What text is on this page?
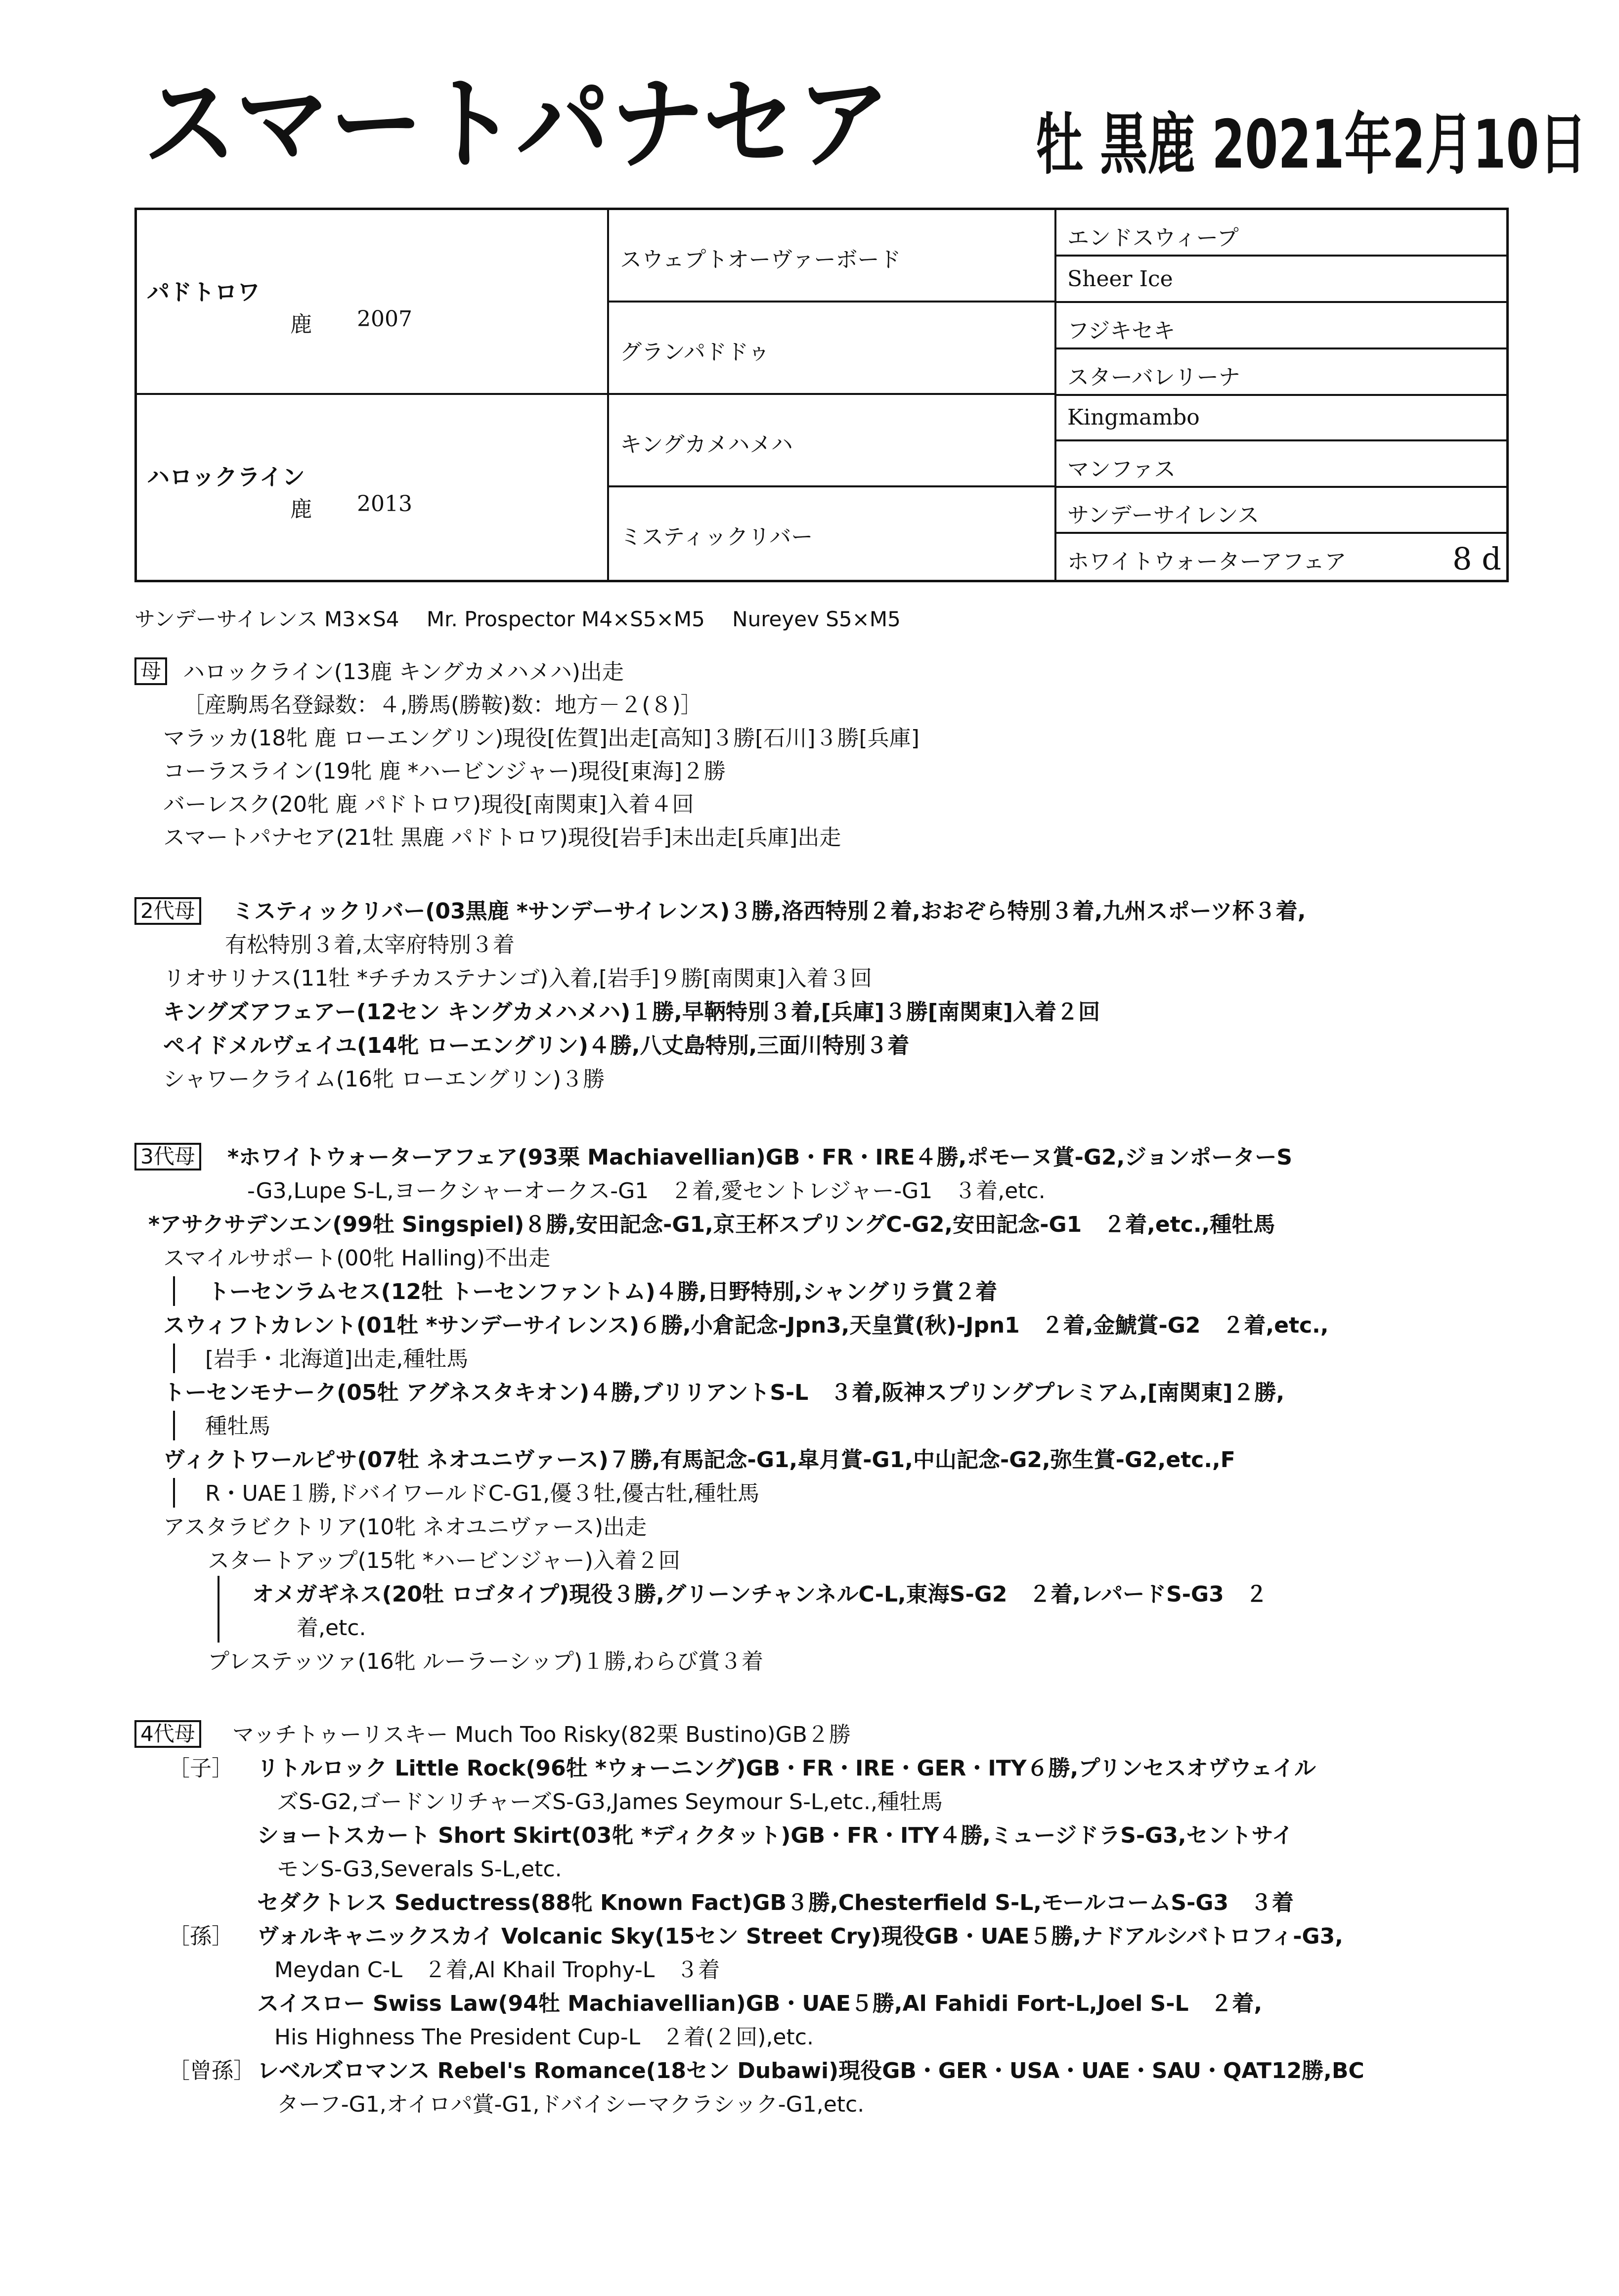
スマートパナセア 牡 黒鹿 2021年2月10日
パドトロワ
鹿 2007
ハロックライン
鹿 2013
スウェプトオーヴァーボード
グランパドドゥ
キングカメハメハ
ミスティックリバー
エンドスウィープ
Sheer Ice
フジキセキ
スターバレリーナ
Kingmambo
マンファス
サンデーサイレンス
ホワイトウォーターアフェア	8 d
サンデーサイレンス M3×S4　 Mr. Prospector M4×S5×M5　 Nureyev S5×M5
母 ハロックライン(13鹿 キングカメハメハ)出走
［産駒馬名登録数：４,勝馬(勝鞍)数：地方－２(８)］
マラッカ(18牝 鹿 ローエングリン)現役[佐賀]出走[高知]３勝[石川]３勝[兵庫]
コーラスライン(19牝 鹿 *ハービンジャー)現役[東海]２勝
バーレスク(20牝 鹿 パドトロワ)現役[南関東]入着４回
スマートパナセア(21牡 黒鹿 パドトロワ)現役[岩手]未出走[兵庫]出走
2代母 ミスティックリバー(03黒鹿 *サンデーサイレンス)３勝,洛西特別２着,おおぞら特別３着,九州スポーツ杯３着,
有松特別３着,太宰府特別３着
リオサリナス(11牡 *チチカステナンゴ)入着,[岩手]９勝[南関東]入着３回
キングズアフェアー(12セン キングカメハメハ)１勝,早鞆特別３着,[兵庫]３勝[南関東]入着２回
ペイドメルヴェイユ(14牝 ローエングリン)４勝,八丈島特別,三面川特別３着
シャワークライム(16牝 ローエングリン)３勝
3代母 *ホワイトウォーターアフェア(93栗 Machiavellian)GB・FR・IRE４勝,ポモーヌ賞-G2,ジョンポーターS
-G3,Lupe S-L,ヨークシャーオークス-G1　２着,愛セントレジャー-G1　３着,etc.
*アサクサデンエン(99牡 Singspiel)８勝,安田記念-G1,京王杯スプリングC-G2,安田記念-G1　２着,etc.,種牡馬
スマイルサポート(00牝 Halling)不出走
トーセンラムセス(12牡 トーセンファントム)４勝,日野特別,シャングリラ賞２着
スウィフトカレント(01牡 *サンデーサイレンス)６勝,小倉記念-Jpn3,天皇賞(秋)-Jpn1　２着,金鯱賞-G2　２着,etc.,
[岩手・北海道]出走,種牡馬
トーセンモナーク(05牡 アグネスタキオン)４勝,ブリリアントS-L　３着,阪神スプリングプレミアム,[南関東]２勝,
種牡馬
ヴィクトワールピサ(07牡 ネオユニヴァース)７勝,有馬記念-G1,皐月賞-G1,中山記念-G2,弥生賞-G2,etc.,F
R・UAE１勝,ドバイワールドC-G1,優３牡,優古牡,種牡馬
アスタラビクトリア(10牝 ネオユニヴァース)出走
スタートアップ(15牝 *ハービンジャー)入着２回
オメガギネス(20牡 ロゴタイプ)現役３勝,グリーンチャンネルC-L,東海S-G2　２着,レパードS-G3　２
着,etc.
プレステッツァ(16牝 ルーラーシップ)１勝,わらび賞３着
4代母 マッチトゥーリスキー Much Too Risky(82栗 Bustino)GB２勝
［子］ リトルロック Little Rock(96牡 *ウォーニング)GB・FR・IRE・GER・ITY６勝,プリンセスオヴウェイル
ズS-G2,ゴードンリチャーズS-G3,James Seymour S-L,etc.,種牡馬
ショートスカート Short Skirt(03牝 *ディクタット)GB・FR・ITY４勝,ミュージドラS-G3,セントサイ
モンS-G3,Severals S-L,etc.
セダクトレス Seductress(88牝 Known Fact)GB３勝,Chesterfield S-L,モールコームS-G3　３着
［孫］ ヴォルキャニックスカイ Volcanic Sky(15セン Street Cry)現役GB・UAE５勝,ナドアルシバトロフィ-G3,
Meydan C-L　２着,Al Khail Trophy-L　３着
スイスロー Swiss Law(94牡 Machiavellian)GB・UAE５勝,Al Fahidi Fort-L,Joel S-L　２着,
His Highness The President Cup-L　２着(２回),etc.
［曾孫］ レベルズロマンス Rebel's Romance(18セン Dubawi)現役GB・GER・USA・UAE・SAU・QAT12勝,BC
ターフ-G1,オイロパ賞-G1,ドバイシーマクラシック-G1,etc.
